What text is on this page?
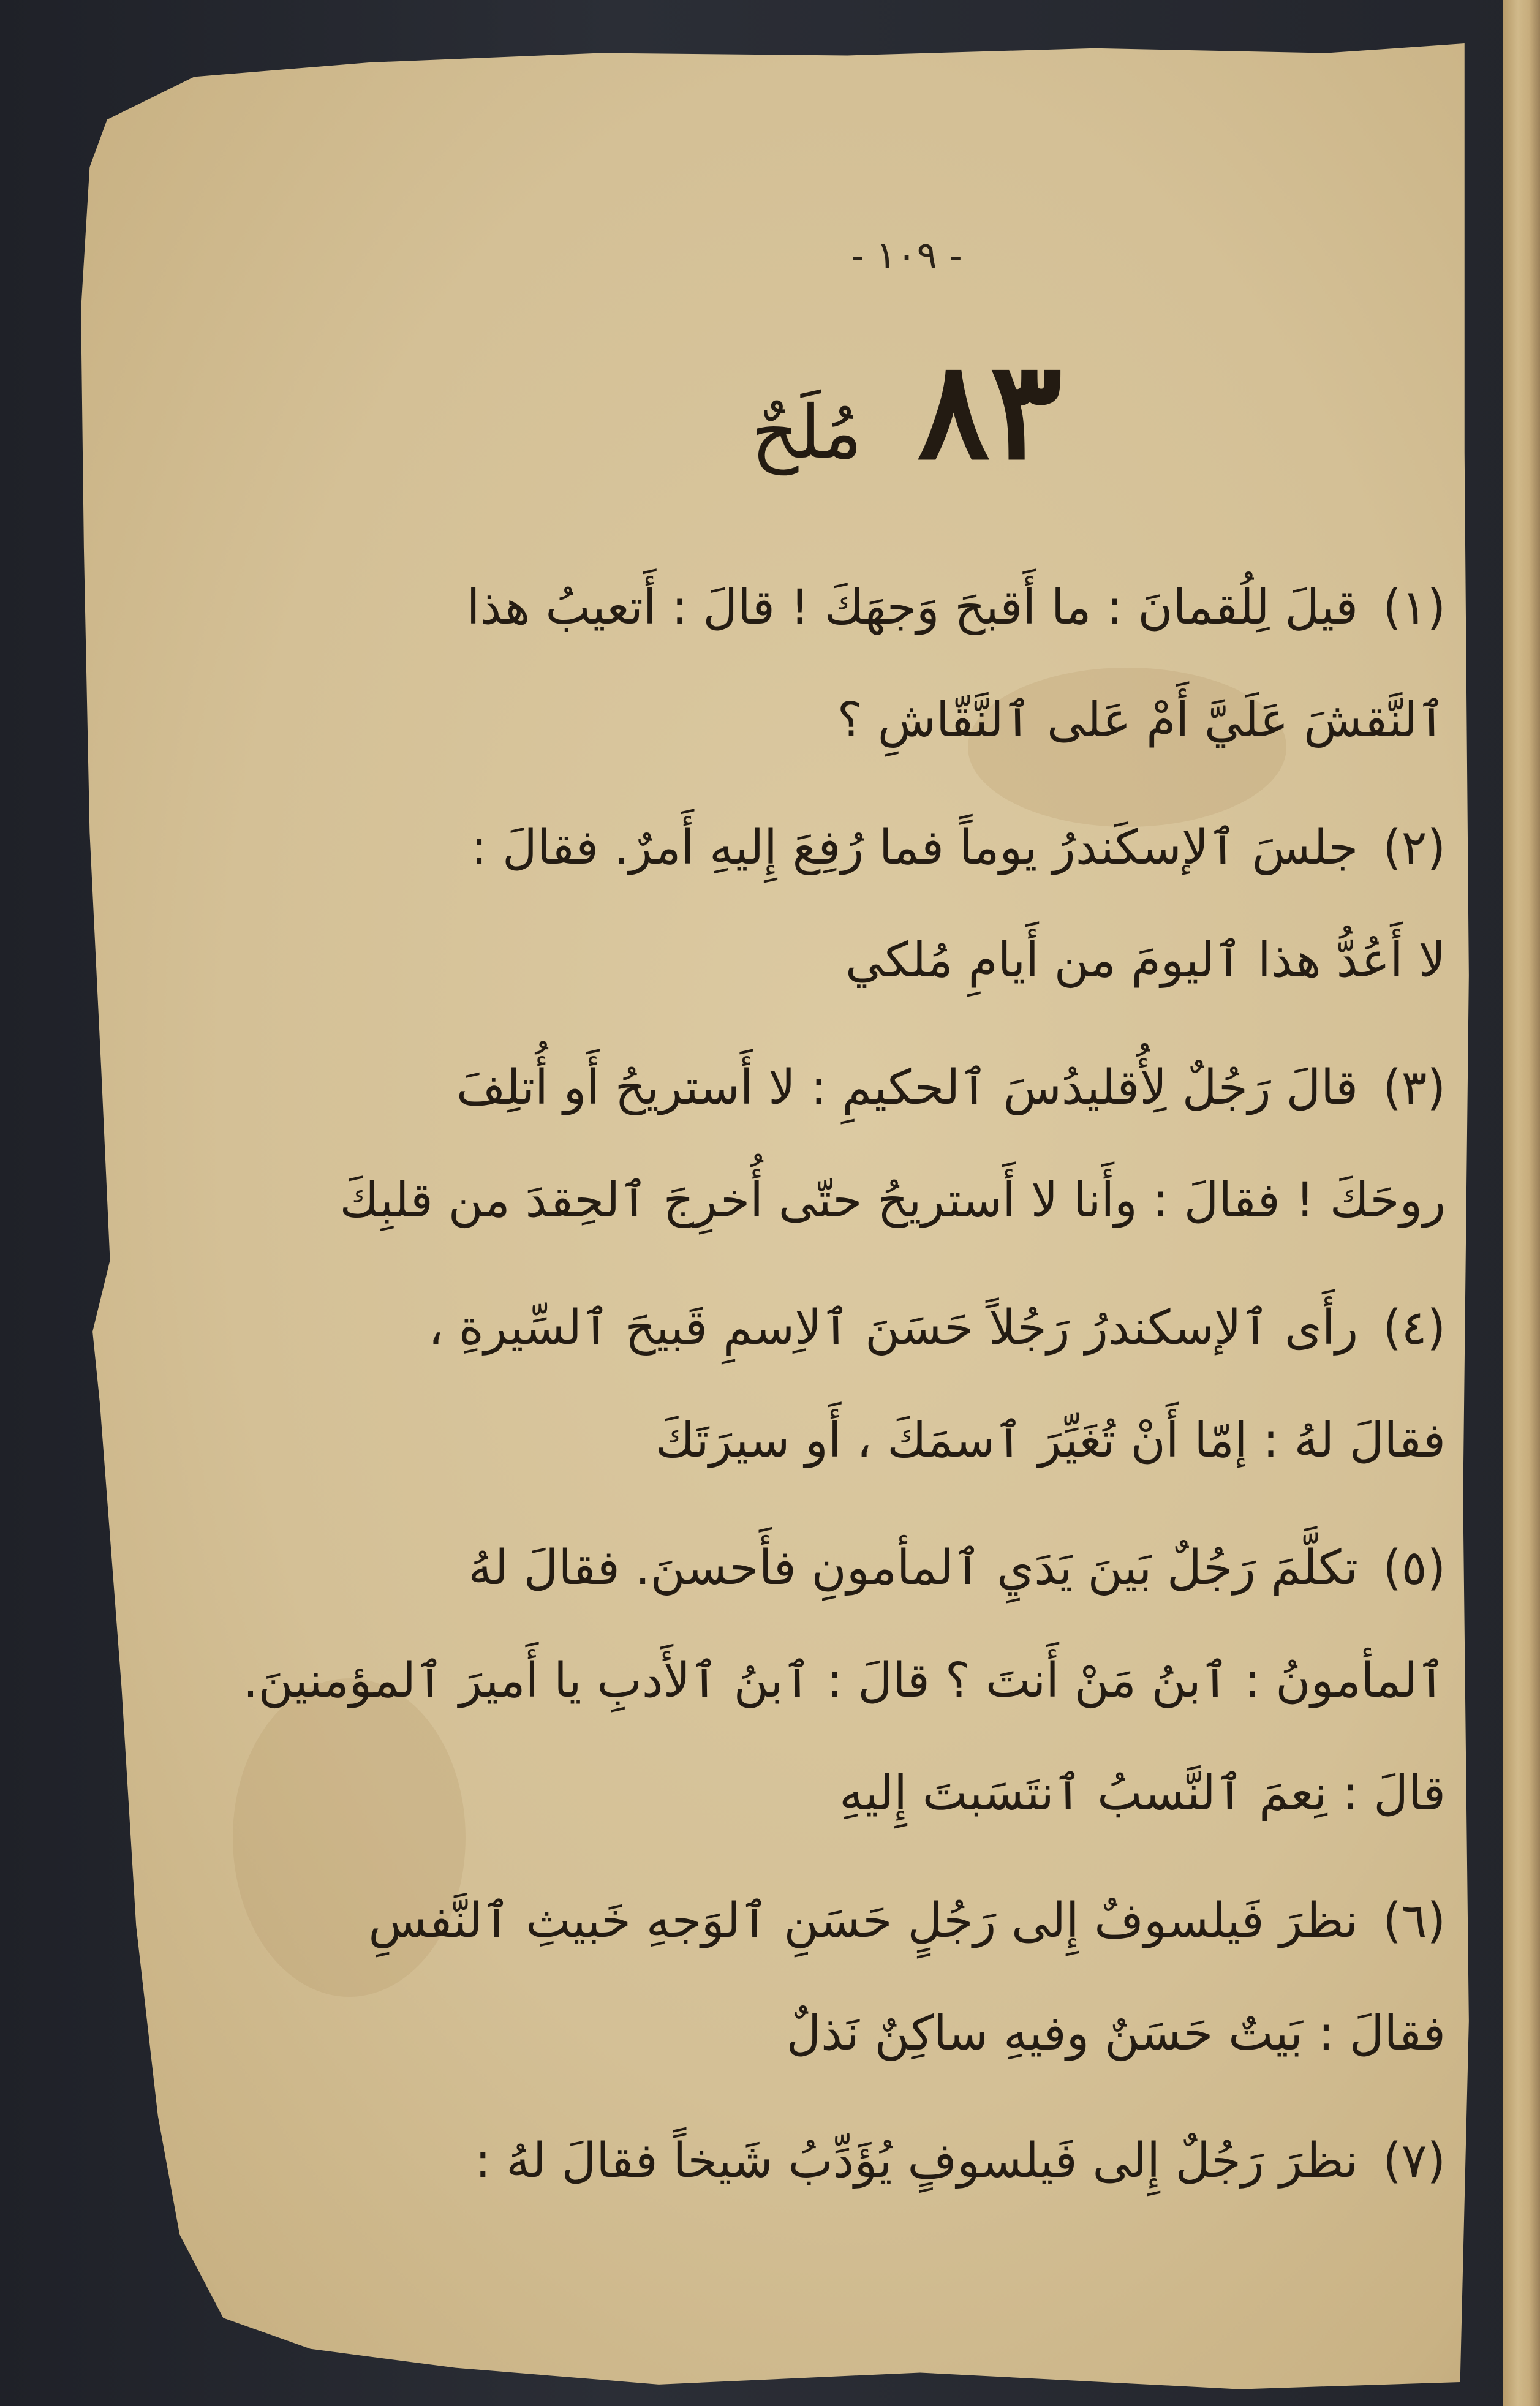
- ١٠٩ -
٨٣
مُلَحٌ
(١)قيلَ لِلُقمانَ : ما أَقبحَ وَجهَكَ ! قالَ : أَتعيبُ هذا
ٱلنَّقشَ عَلَيَّ أَمْ عَلى ٱلنَّقّاشِ ؟
(٢)جلسَ ٱلإسكَندرُ يوماً فما رُفِعَ إِليهِ أَمرٌ. فقالَ :
لا أَعُدُّ هذا ٱليومَ من أَيامِ مُلكي
(٣)قالَ رَجُلٌ لِأُقليدُسَ ٱلحكيمِ : لا أَستريحُ أَو أُتلِفَ
روحَكَ ! فقالَ : وأَنا لا أَستريحُ حتّى أُخرِجَ ٱلحِقدَ من قلبِكَ
(٤)رأَى ٱلإسكندرُ رَجُلاً حَسَنَ ٱلاِسمِ قَبيحَ ٱلسِّيرةِ ،
فقالَ لهُ : إمّا أَنْ تُغَيِّرَ ٱسمَكَ ، أَو سيرَتَكَ
(٥)تكلَّمَ رَجُلٌ بَينَ يَدَيِ ٱلمأمونِ فأَحسنَ. فقالَ لهُ
ٱلمأمونُ : ٱبنُ مَنْ أَنتَ ؟ قالَ : ٱبنُ ٱلأَدبِ يا أَميرَ ٱلمؤمنينَ.
قالَ : نِعمَ ٱلنَّسبُ ٱنتَسَبتَ إِليهِ
(٦)نظرَ فَيلسوفٌ إِلى رَجُلٍ حَسَنِ ٱلوَجهِ خَبيثِ ٱلنَّفسِ
فقالَ : بَيتٌ حَسَنٌ وفيهِ ساكِنٌ نَذلٌ
(٧)نظرَ رَجُلٌ إِلى فَيلسوفٍ يُؤَدِّبُ شَيخاً فقالَ لهُ :
